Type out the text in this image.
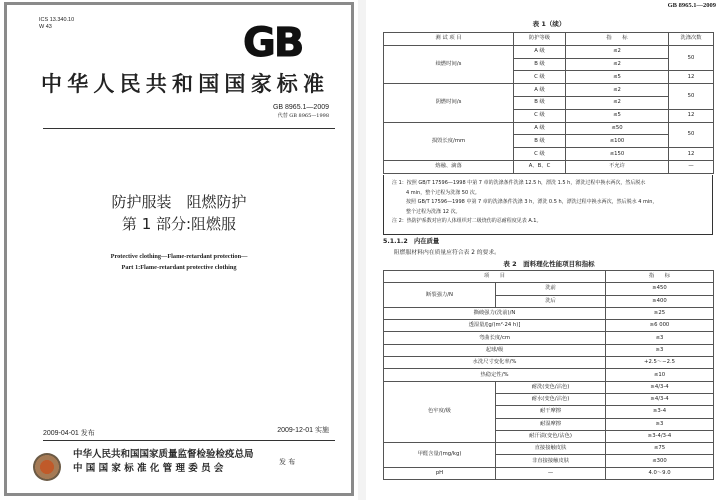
ICS 13.340.10
W 43	GB
中华人民共和国国家标准
GB 8965.1—2009
代替 GB 8965—1998
防护服装　阻燃防护
第 1 部分:阻燃服
Protective clothing—Flame-retardant protection—
Part 1:Flame-retardant protective clothing
2009-04-01 发布	2009-12-01 实施
中华人民共和国国家质量监督检验检疫总局
中 国 国 家 标 准 化 管 理 委 员 会
发 布
GB 8965.1—2009
表 1（续）
测 试 项 目	防护等级	指　　标	洗涤次数
续燃时间/s	A 级	≤2	50
	B 级	≤2	
	C 级	≤5	12
阴燃时间/s	A 级	≤2	50
	B 级	≤2	
	C 级	≤5	12
损毁长度/mm	A 级	≤50	50
	B 级	≤100	
	C 级	≤150	12
熔融、滴落	A、B、C	不允许	—
注 1：按照 GB/T 17596—1998 中第 7 章的洗涤条件洗涤 12.5 h，漂洗 1.5 h，漂洗过程中换水两次，然后脱水
4 min，整个过程为洗涤 50 次。
按照 GB/T 17596—1998 中第 7 章的洗涤条件洗涤 3 h，漂洗 0.5 h，漂洗过程中换水两次，然后脱水 4 min，
整个过程为洗涤 12 次。
注 2：热防护系数对应的人体组织对二级烧伤的忍耐程度见表 A.1。
5.1.1.2　内在质量
阻燃服材料内在质量应符合表 2 的要求。
表 2　面料理化性能项目和指标
项　　目		指　　标
断裂强力/N	洗前	≥450
	洗后	≥400
撕破强力(洗前)/N		≥25
透湿量/[g/(m²·24 h)]		≥6 000
弯曲长度/cm		≤3
起球/级		≥3
水洗尺寸变化率/%		+2.5～−2.5
热稳定性/%		≤10
色牢度/级	耐洗(变色/沾色)	≥4/3-4
	耐水(变色/沾色)	≥4/3-4
	耐干摩擦	≥3-4
	耐湿摩擦	≥3
	耐汗渍(变色/沾色)	≥3-4/3-4
甲醛含量/(mg/kg)	直接接触皮肤	≤75
	非直接接触皮肤	≤300
pH	—	4.0～9.0
